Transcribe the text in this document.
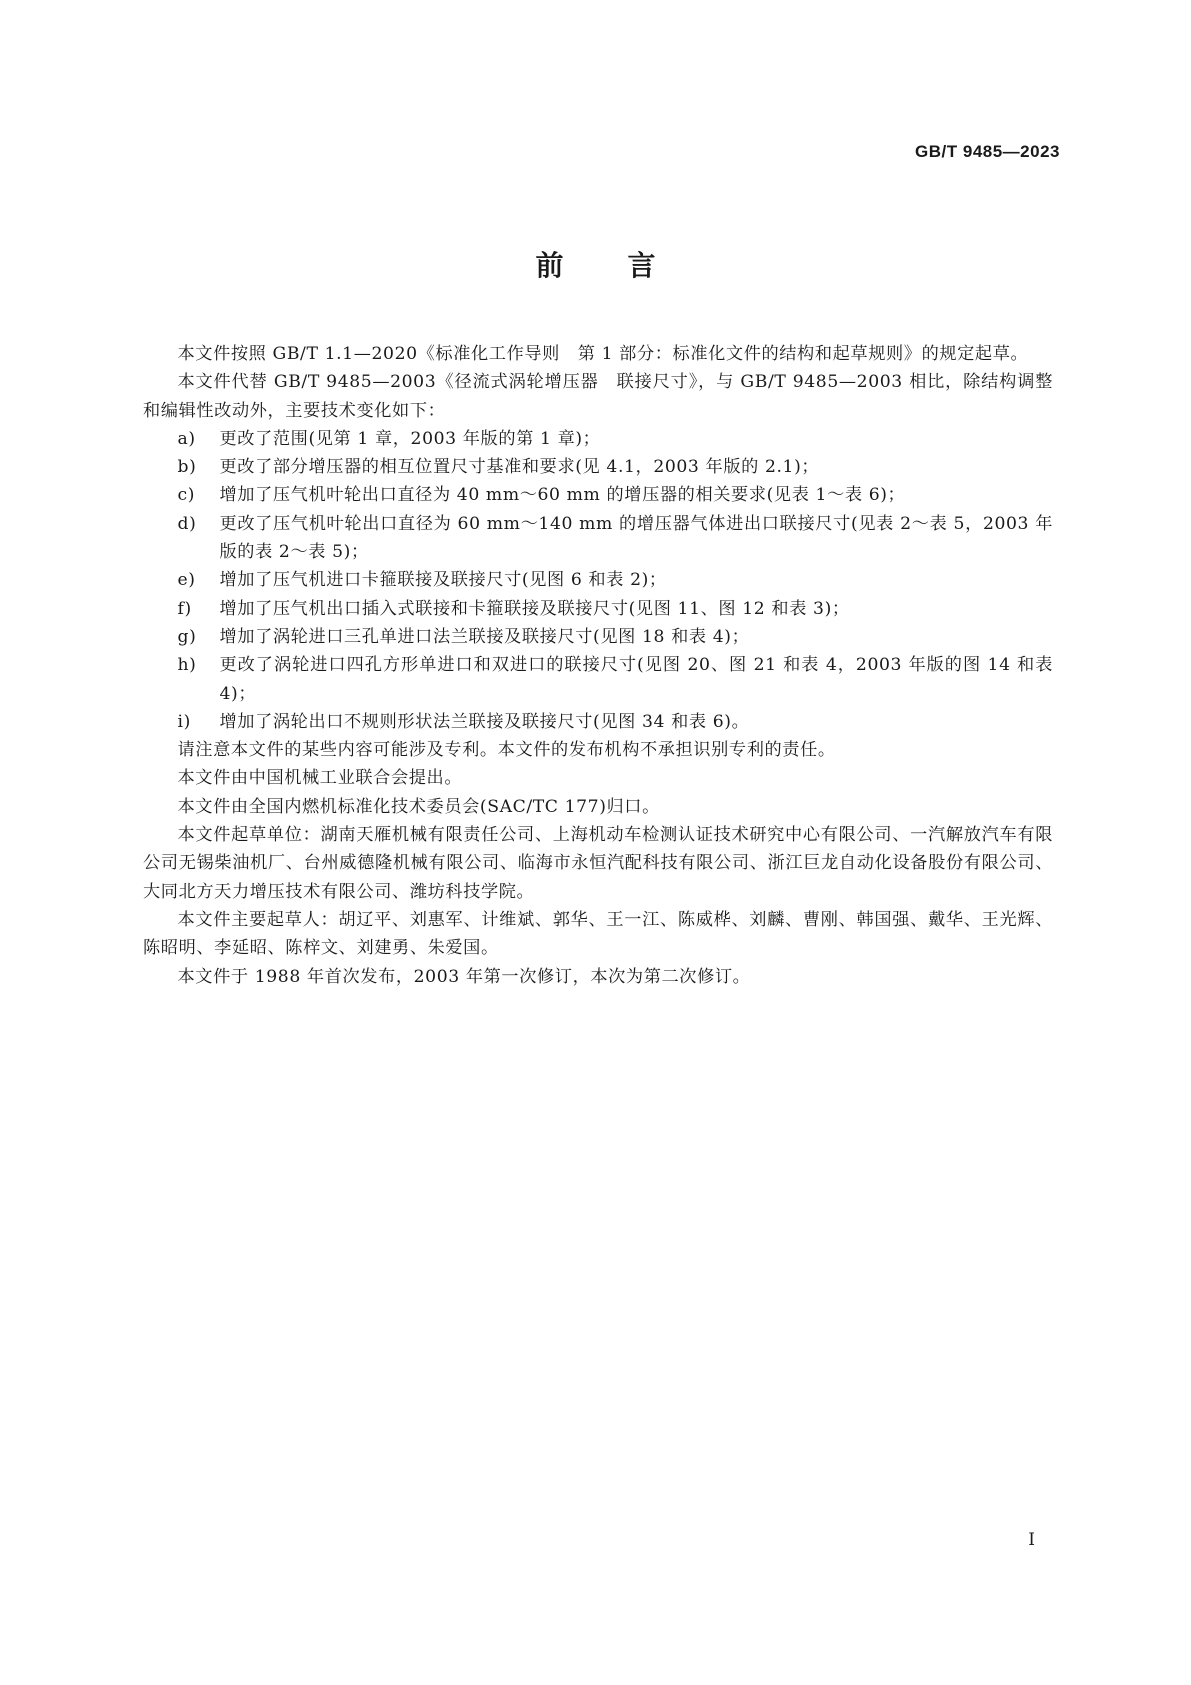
GB/T 9485—2023
前 言

本文件按照 GB/T 1.1—2020《标准化工作导则　第 1 部分：标准化文件的结构和起草规则》的规定起草。

本文件代替 GB/T 9485—2003《径流式涡轮增压器　联接尺寸》，与 GB/T 9485—2003 相比，除结构调整和编辑性改动外，主要技术变化如下：

a)	更改了范围(见第 1 章，2003 年版的第 1 章)；
b)	更改了部分增压器的相互位置尺寸基准和要求(见 4.1，2003 年版的 2.1)；
c)	增加了压气机叶轮出口直径为 40 mm～60 mm 的增压器的相关要求(见表 1～表 6)；
d)	更改了压气机叶轮出口直径为 60 mm～140 mm 的增压器气体进出口联接尺寸(见表 2～表 5，2003 年版的表 2～表 5)；
e)	增加了压气机进口卡箍联接及联接尺寸(见图 6 和表 2)；
f)	增加了压气机出口插入式联接和卡箍联接及联接尺寸(见图 11、图 12 和表 3)；
g)	增加了涡轮进口三孔单进口法兰联接及联接尺寸(见图 18 和表 4)；
h)	更改了涡轮进口四孔方形单进口和双进口的联接尺寸(见图 20、图 21 和表 4，2003 年版的图 14 和表 4)；
i)	增加了涡轮出口不规则形状法兰联接及联接尺寸(见图 34 和表 6)。

请注意本文件的某些内容可能涉及专利。本文件的发布机构不承担识别专利的责任。

本文件由中国机械工业联合会提出。

本文件由全国内燃机标准化技术委员会(SAC/TC 177)归口。

本文件起草单位：湖南天雁机械有限责任公司、上海机动车检测认证技术研究中心有限公司、一汽解放汽车有限公司无锡柴油机厂、台州威德隆机械有限公司、临海市永恒汽配科技有限公司、浙江巨龙自动化设备股份有限公司、大同北方天力增压技术有限公司、潍坊科技学院。

本文件主要起草人：胡辽平、刘惠军、计维斌、郭华、王一江、陈威桦、刘麟、曹刚、韩国强、戴华、王光辉、陈昭明、李延昭、陈梓文、刘建勇、朱爱国。

本文件于 1988 年首次发布，2003 年第一次修订，本次为第二次修订。

I
